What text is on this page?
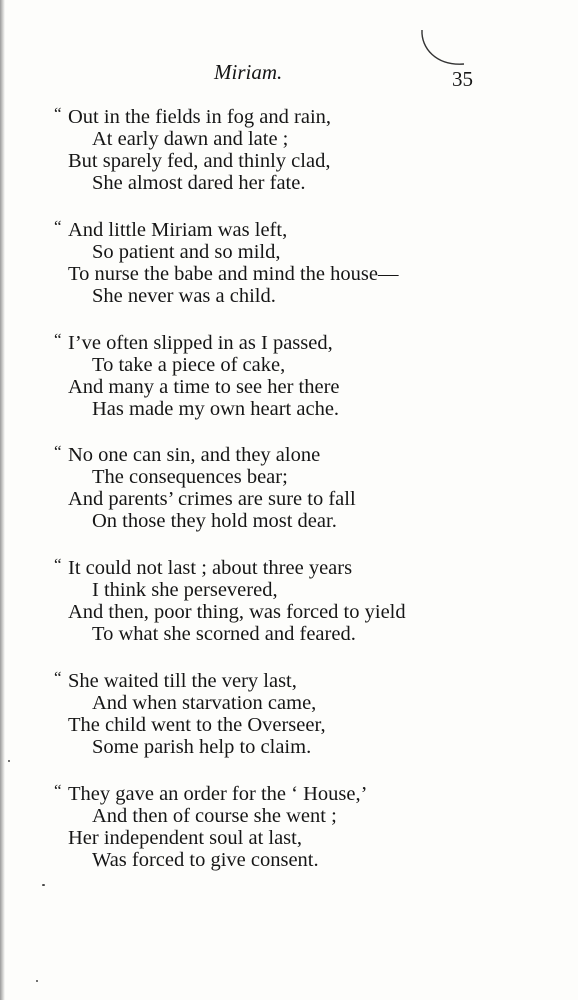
Miriam.	35
“ Out in the fields in fog and rain,
At early dawn and late ;
But sparely fed, and thinly clad,
She almost dared her fate.
“ And little Miriam was left,
So patient and so mild,
To nurse the babe and mind the house—
She never was a child.
“ I’ve often slipped in as I passed,
To take a piece of cake,
And many a time to see her there
Has made my own heart ache.
“ No one can sin, and they alone
The consequences bear;
And parents’ crimes are sure to fall
On those they hold most dear.
“ It could not last ; about three years
I think she persevered,
And then, poor thing, was forced to yield
To what she scorned and feared.
“ She waited till the very last,
And when starvation came,
The child went to the Overseer,
Some parish help to claim.
“ They gave an order for the ‘ House,’
And then of course she went ;
Her independent soul at last,
Was forced to give consent.
